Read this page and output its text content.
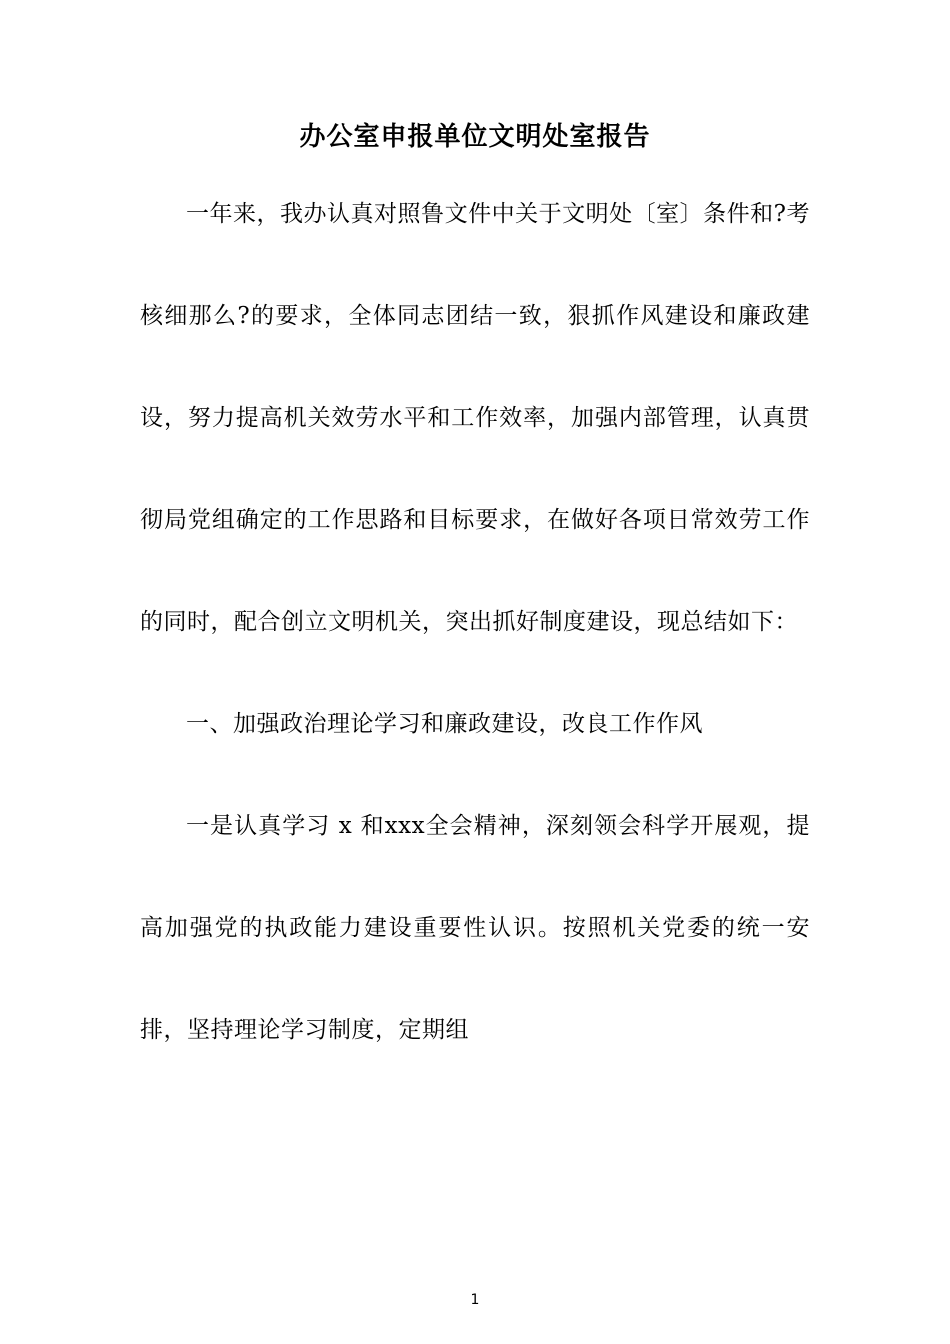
办公室申报单位文明处室报告

一年来，我办认真对照鲁文件中关于文明处〔室〕条件和?考核细那么?的要求，全体同志团结一致，狠抓作风建设和廉政建设，努力提高机关效劳水平和工作效率，加强内部管理，认真贯彻局党组确定的工作思路和目标要求，在做好各项日常效劳工作的同时，配合创立文明机关，突出抓好制度建设，现总结如下：

一、加强政治理论学习和廉政建设，改良工作作风

一是认真学习 x 和xxx全会精神，深刻领会科学开展观，提高加强党的执政能力建设重要性认识。按照机关党委的统一安排，坚持理论学习制度，定期组

1
